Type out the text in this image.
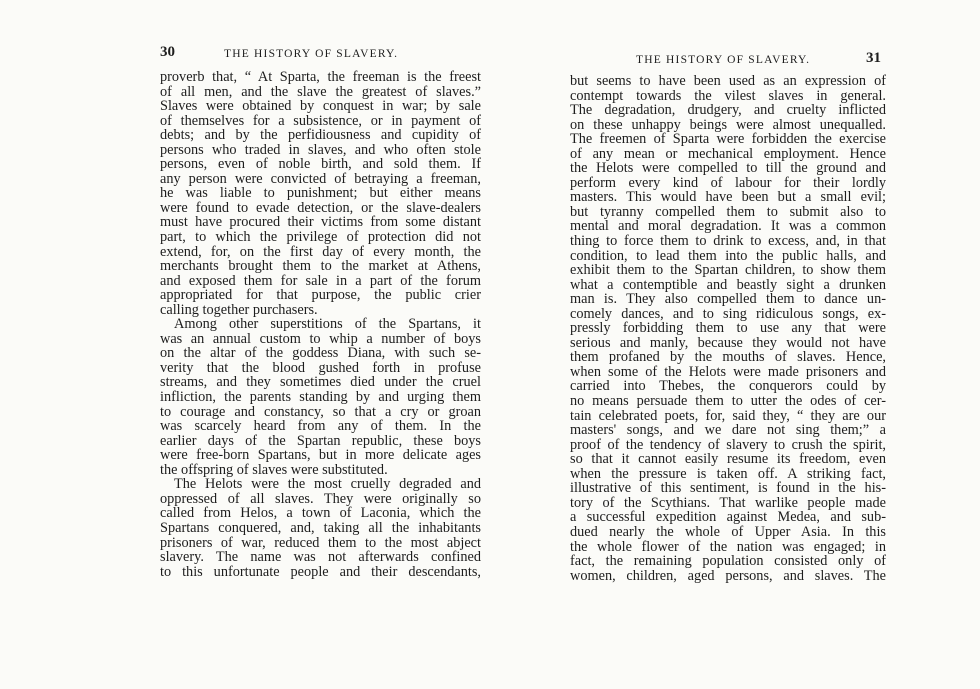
30	THE HISTORY OF SLAVERY.
proverb that, “ At Sparta, the freeman is the freest
of all men, and the slave the greatest of slaves.”
Slaves were obtained by conquest in war; by sale
of themselves for a subsistence, or in payment of
debts; and by the perfidiousness and cupidity of
persons who traded in slaves, and who often stole
persons, even of noble birth, and sold them. If
any person were convicted of betraying a freeman,
he was liable to punishment; but either means
were found to evade detection, or the slave-dealers
must have procured their victims from some distant
part, to which the privilege of protection did not
extend, for, on the first day of every month, the
merchants brought them to the market at Athens,
and exposed them for sale in a part of the forum
appropriated for that purpose, the public crier
calling together purchasers.
Among other superstitions of the Spartans, it
was an annual custom to whip a number of boys
on the altar of the goddess Diana, with such se-
verity that the blood gushed forth in profuse
streams, and they sometimes died under the cruel
infliction, the parents standing by and urging them
to courage and constancy, so that a cry or groan
was scarcely heard from any of them. In the
earlier days of the Spartan republic, these boys
were free-born Spartans, but in more delicate ages
the offspring of slaves were substituted.
The Helots were the most cruelly degraded and
oppressed of all slaves. They were originally so
called from Helos, a town of Laconia, which the
Spartans conquered, and, taking all the inhabitants
prisoners of war, reduced them to the most abject
slavery. The name was not afterwards confined
to this unfortunate people and their descendants,
THE HISTORY OF SLAVERY.	31
but seems to have been used as an expression of
contempt towards the vilest slaves in general.
The degradation, drudgery, and cruelty inflicted
on these unhappy beings were almost unequalled.
The freemen of Sparta were forbidden the exercise
of any mean or mechanical employment. Hence
the Helots were compelled to till the ground and
perform every kind of labour for their lordly
masters. This would have been but a small evil;
but tyranny compelled them to submit also to
mental and moral degradation. It was a common
thing to force them to drink to excess, and, in that
condition, to lead them into the public halls, and
exhibit them to the Spartan children, to show them
what a contemptible and beastly sight a drunken
man is. They also compelled them to dance un-
comely dances, and to sing ridiculous songs, ex-
pressly forbidding them to use any that were
serious and manly, because they would not have
them profaned by the mouths of slaves. Hence,
when some of the Helots were made prisoners and
carried into Thebes, the conquerors could by
no means persuade them to utter the odes of cer-
tain celebrated poets, for, said they, “ they are our
masters' songs, and we dare not sing them;” a
proof of the tendency of slavery to crush the spirit,
so that it cannot easily resume its freedom, even
when the pressure is taken off. A striking fact,
illustrative of this sentiment, is found in the his-
tory of the Scythians. That warlike people made
a successful expedition against Medea, and sub-
dued nearly the whole of Upper Asia. In this
the whole flower of the nation was engaged; in
fact, the remaining population consisted only of
women, children, aged persons, and slaves. The
